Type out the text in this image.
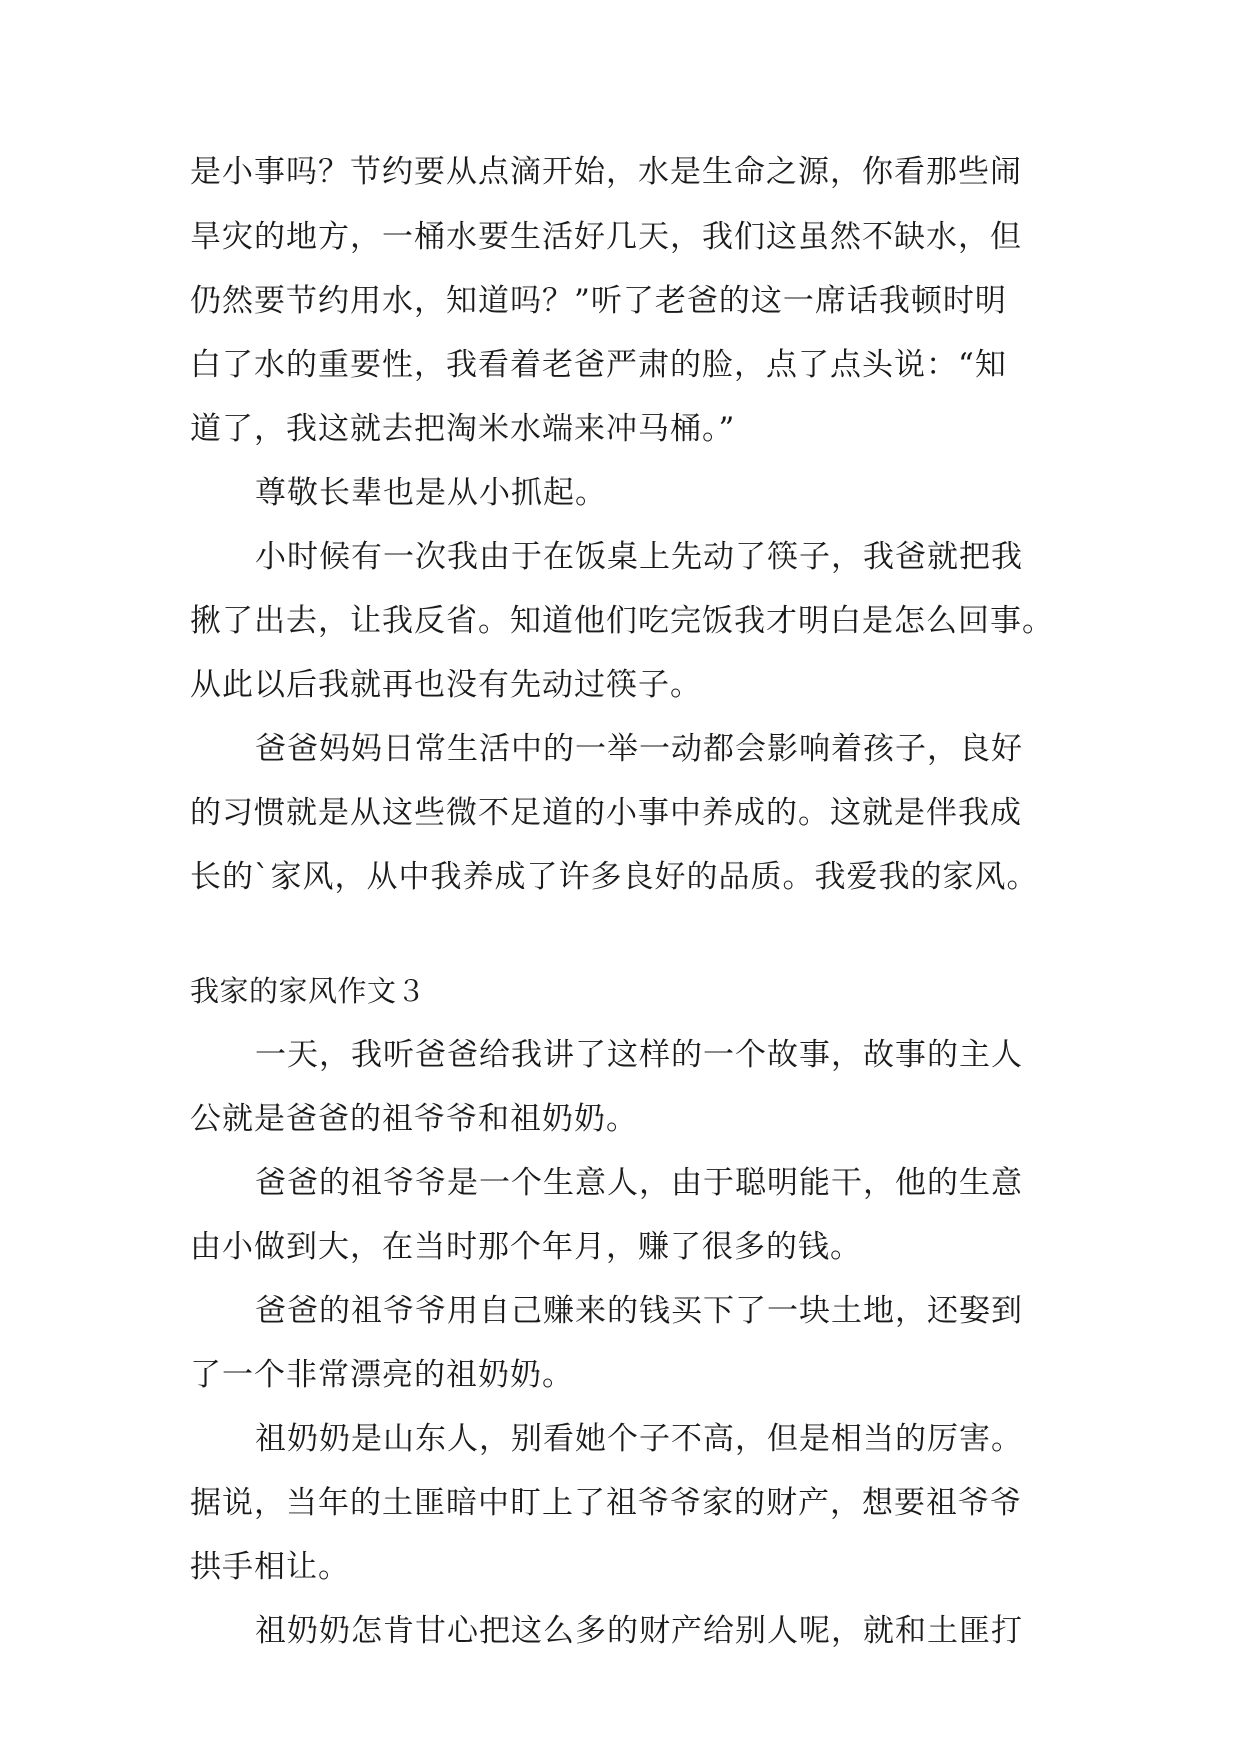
是小事吗？节约要从点滴开始，水是生命之源，你看那些闹
旱灾的地方，一桶水要生活好几天，我们这虽然不缺水，但
仍然要节约用水，知道吗？”听了老爸的这一席话我顿时明
白了水的重要性，我看着老爸严肃的脸，点了点头说：“知
道了，我这就去把淘米水端来冲马桶。”
尊敬长辈也是从小抓起。
小时候有一次我由于在饭桌上先动了筷子，我爸就把我
揪了出去，让我反省。知道他们吃完饭我才明白是怎么回事。
从此以后我就再也没有先动过筷子。
爸爸妈妈日常生活中的一举一动都会影响着孩子，良好
的习惯就是从这些微不足道的小事中养成的。这就是伴我成
长的`家风，从中我养成了许多良好的品质。我爱我的家风。
我家的家风作文３
一天，我听爸爸给我讲了这样的一个故事，故事的主人
公就是爸爸的祖爷爷和祖奶奶。
爸爸的祖爷爷是一个生意人，由于聪明能干，他的生意
由小做到大，在当时那个年月，赚了很多的钱。
爸爸的祖爷爷用自己赚来的钱买下了一块土地，还娶到
了一个非常漂亮的祖奶奶。
祖奶奶是山东人，别看她个子不高，但是相当的厉害。
据说，当年的土匪暗中盯上了祖爷爷家的财产，想要祖爷爷
拱手相让。
祖奶奶怎肯甘心把这么多的财产给别人呢，就和土匪打
